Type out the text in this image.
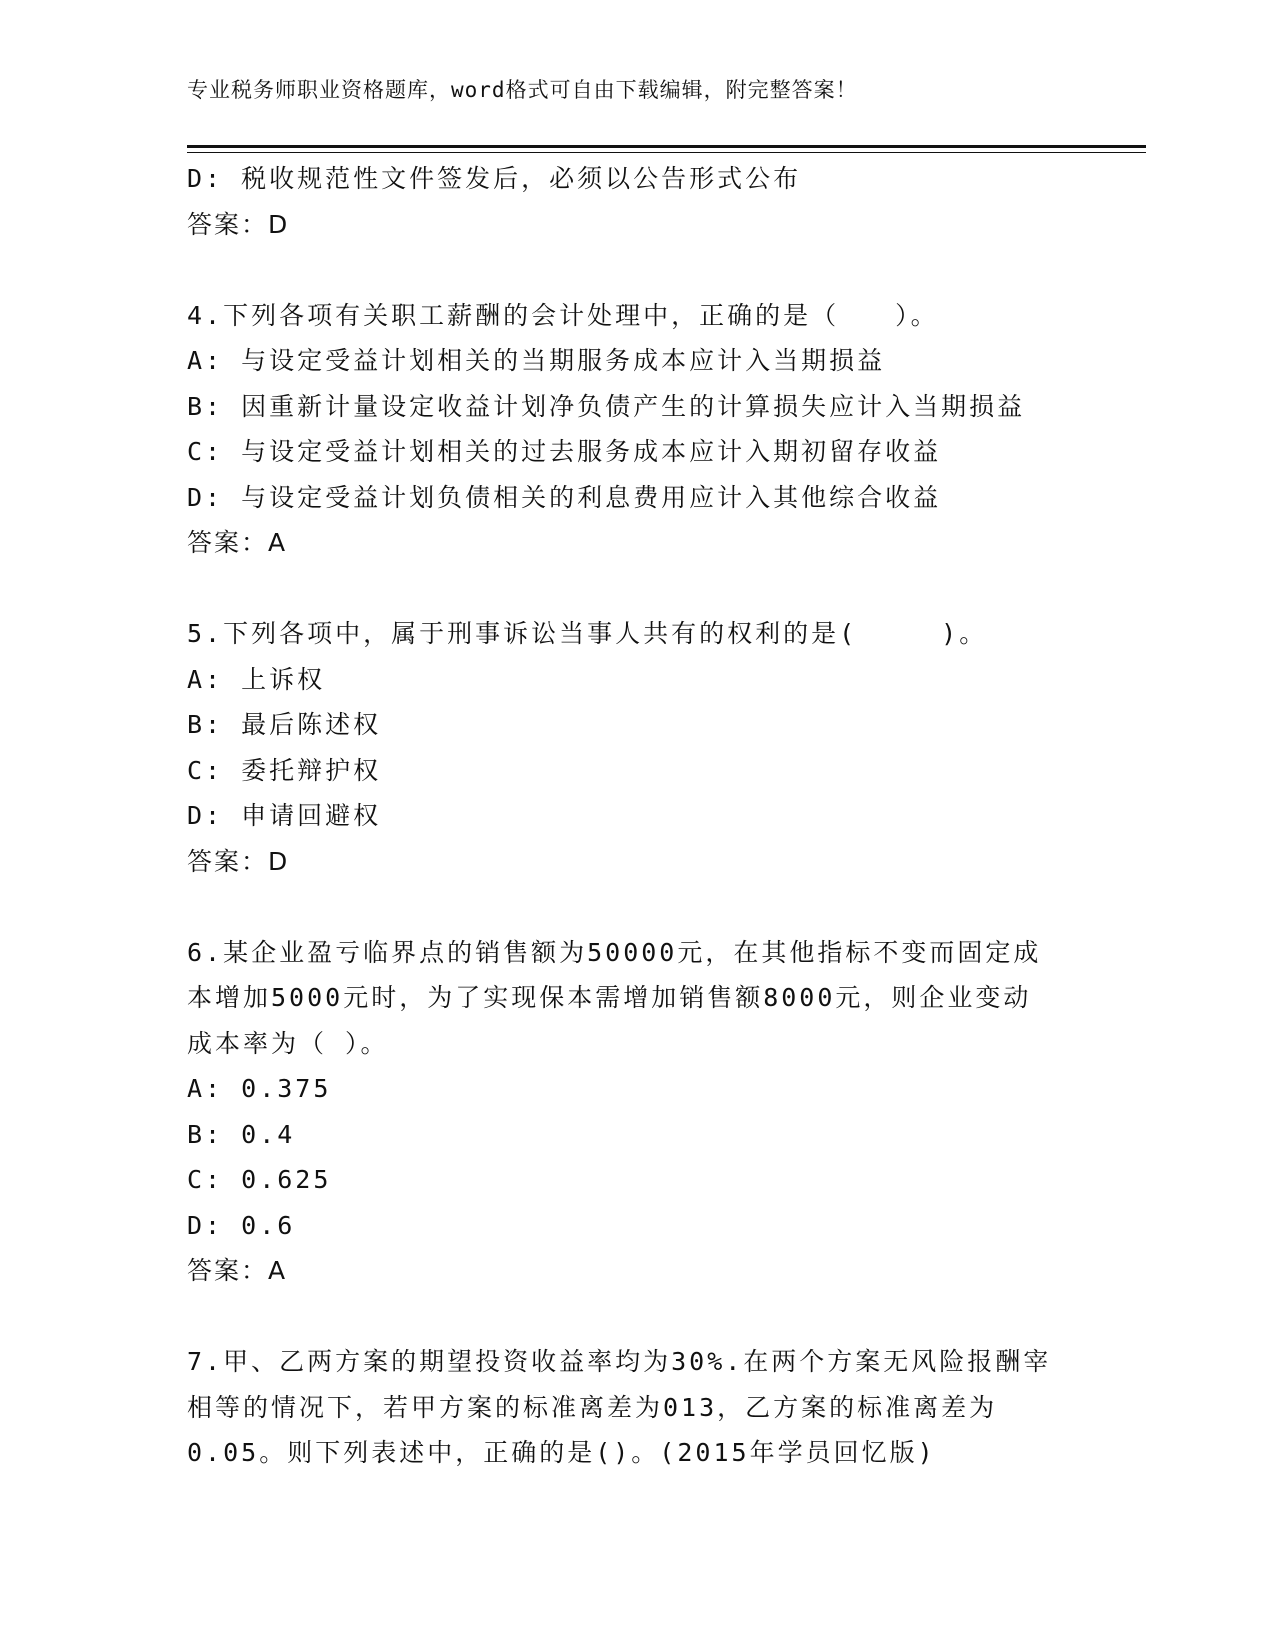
专业税务师职业资格题库，word格式可自由下载编辑，附完整答案！
D: 税收规范性文件签发后，必须以公告形式公布
答案：D
4.下列各项有关职工薪酬的会计处理中，正确的是（　　）。
A: 与设定受益计划相关的当期服务成本应计入当期损益
B: 因重新计量设定收益计划净负债产生的计算损失应计入当期损益
C: 与设定受益计划相关的过去服务成本应计入期初留存收益
D: 与设定受益计划负债相关的利息费用应计入其他综合收益
答案：A
5.下列各项中，属于刑事诉讼当事人共有的权利的是(　　　)。
A: 上诉权
B: 最后陈述权
C: 委托辩护权
D: 申请回避权
答案：D
6.某企业盈亏临界点的销售额为50000元，在其他指标不变而固定成
本增加5000元时，为了实现保本需增加销售额8000元，则企业变动
成本率为（ ）。
A: 0.375
B: 0.4
C: 0.625
D: 0.6
答案：A
7.甲、乙两方案的期望投资收益率均为30%.在两个方案无风险报酬宰
相等的情况下，若甲方案的标准离差为013，乙方案的标准离差为
0.05。则下列表述中，正确的是()。(2015年学员回忆版)
